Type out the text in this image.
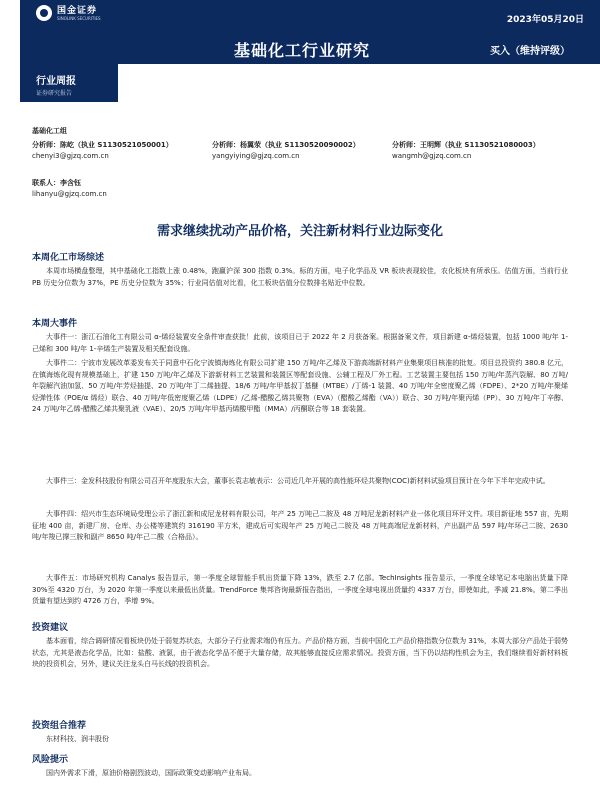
国金证券
SINOLINK SECURITIES	2023年05月20日
基础化工行业研究	买入（维持评级）
行业周报
证券研究报告
基础化工组
分析师：陈屹（执业 S1130521050001）
chenyi3@gjzq.com.cn
分析师：杨翼荥（执业 S1130520090002）
yangyiying@gjzq.com.cn
分析师：王明辉（执业 S1130521080003）
wangmh@gjzq.com.cn
联系人：李含钰
lihanyu@gjzq.com.cn
需求继续扰动产品价格，关注新材料行业边际变化
本周化工市场综述
本周市场横盘整理，其中基础化工指数上涨 0.48%，跑赢沪深 300 指数 0.3%。标的方面，电子化学品及 VR 板块表现较佳，农化板块有所承压。估值方面，当前行业 PB 历史分位数为 37%，PE 历史分位数为 35%；行业同估值对比看，化工板块估值分位数排名贴近中位数。
本周大事件
大事件一：浙江石油化工有限公司 α-烯烃装置安全条件审查获批！此前，该项目已于 2022 年 2 月获备案。根据备案文件，项目新建 α-烯烃装置，包括 1000 吨/年 1-己烯和 300 吨/年 1-辛烯生产装置及相关配套设施。
大事件二：宁波市发展改革委发布关于同意中石化宁波镇海炼化有限公司扩建 150 万吨/年乙烯及下游高端新材料产业集聚项目核准的批复。项目总投资约 380.8 亿元，在镇海炼化现有规模基础上，扩建 150 万吨/年乙烯及下游新材料工艺装置和装置区等配套设施、公辅工程及厂外工程。工艺装置主要包括 150 万吨/年蒸汽裂解、80 万吨/年裂解汽油加氢、50 万吨/年芳烃抽提、20 万吨/年丁二烯抽提、18/6 万吨/年甲基叔丁基醚（MTBE）/丁烯-1 装置、40 万吨/年全密度聚乙烯（FDPE）、2*20 万吨/年聚烯烃弹性体（POE/α 烯烃）联合、40 万吨/年低密度聚乙烯（LDPE）/乙烯-醋酸乙烯共聚物（EVA）（醋酸乙烯酯（VA））联合、30 万吨/年聚丙烯（PP）、30 万吨/年丁辛醇、24 万吨/年乙烯-醋酸乙烯共聚乳液（VAE）、20/5 万吨/年甲基丙烯酸甲酯（MMA）/丙酮联合等 18 套装置。
大事件三：金发科技股份有限公司召开年度股东大会，董事长袁志敏表示：公司近几年开展的高性能环烃共聚物(COC)新材料试验项目预计在今年下半年完成中试。
大事件四：绍兴市生态环境局受理公示了浙江新和成尼龙材料有限公司，年产 25 万吨己二胺及 48 万吨尼龙新材料产业一体化项目环评文件。项目新征地 557 亩，先期征地 400 亩，新建厂房、仓库、办公楼等建筑约 316190 平方米，建成后可实现年产 25 万吨己二胺及 48 万吨高端尼龙新材料，产出副产品 597 吨/年环己二胺、2630 吨/年羧已撑三胺和副产 8650 吨/年己二酸（合格品）。
大事件五：市场研究机构 Canalys 报告显示，第一季度全球智能手机出货量下降 13%，跌至 2.7 亿部。TechInsights 报告显示，一季度全球笔记本电脑出货量下降 30%至 4320 万台，为 2020 年第一季度以来最低出货量。TrendForce 集邦咨询最新报告指出，一季度全球电视出货量约 4337 万台，即使如此，季减 21.8%。第二季出货量有望达到约 4726 万台，季增 9%。
投资建议
基本面看，综合调研情况看板块仍处于弱复苏状态，大部分子行业需求端仍有压力。产品价格方面，当前中国化工产品价格指数分位数为 31%，本周大部分产品处于弱势状态，尤其是液态化学品，比如：盐酸、液氯，由于液态化学品不便于大量存储，故其能够直接反应需求情况。投资方面，当下仍以结构性机会为主，我们继续看好新材料板块的投资机会，另外，建议关注龙头白马长线的投资机会。
投资组合推荐
东材科技、润丰股份
风险提示
国内外需求下滑，原油价格剧烈波动，国际政策变动影响产业布局。
